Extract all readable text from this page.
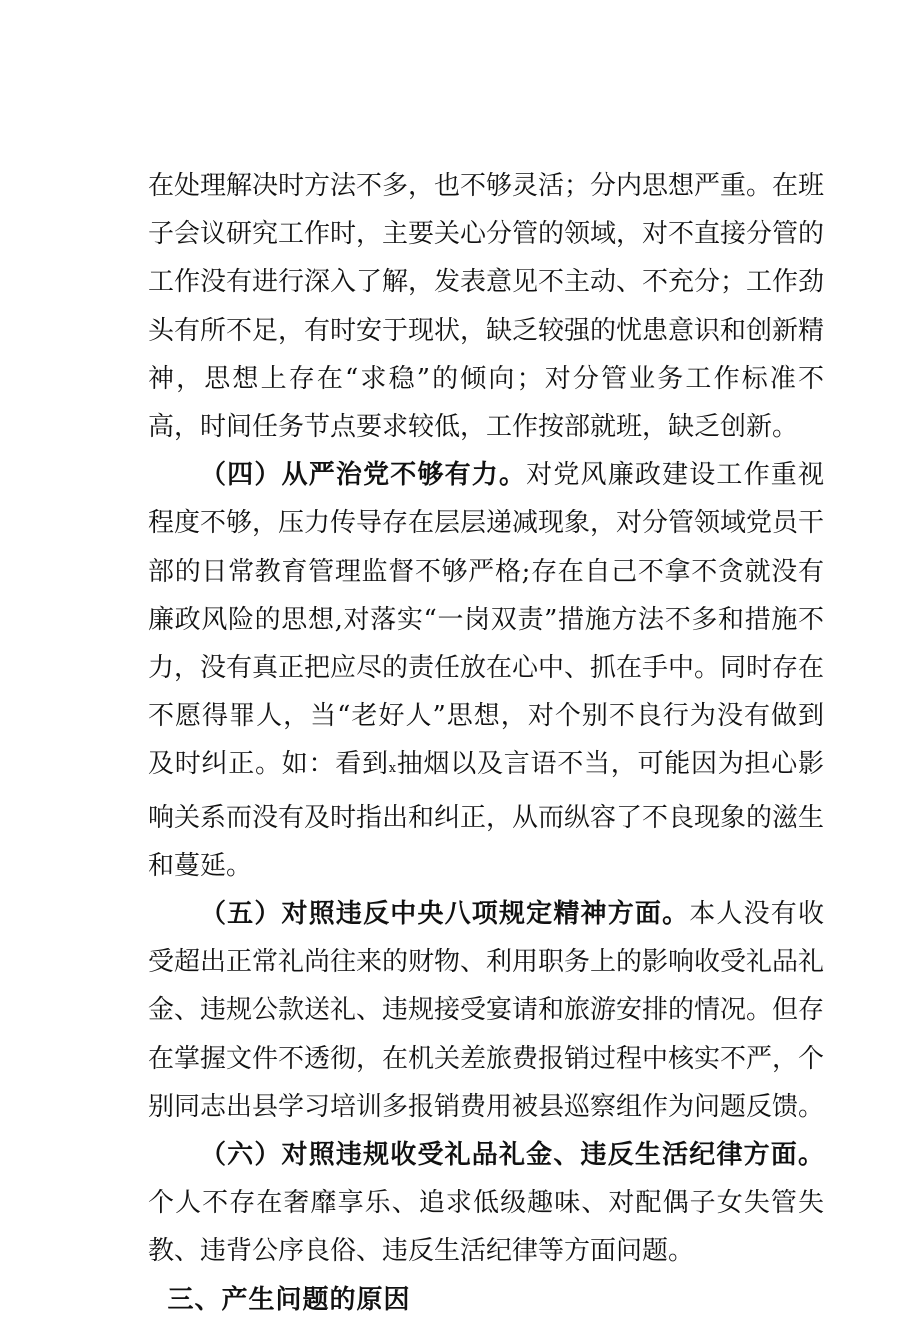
在处理解决时方法不多，也不够灵活；分内思想严重。在班子会议研究工作时，主要关心分管的领域，对不直接分管的工作没有进行深入了解，发表意见不主动、不充分；工作劲头有所不足，有时安于现状，缺乏较强的忧患意识和创新精神，思想上存在“求稳”的倾向；对分管业务工作标准不高，时间任务节点要求较低，工作按部就班，缺乏创新。

（四）从严治党不够有力。对党风廉政建设工作重视程度不够，压力传导存在层层递减现象，对分管领域党员干部的日常教育管理监督不够严格;存在自己不拿不贪就没有廉政风险的思想,对落实“一岗双责”措施方法不多和措施不力，没有真正把应尽的责任放在心中、抓在手中。同时存在不愿得罪人，当“老好人”思想，对个别不良行为没有做到及时纠正。如：看到x抽烟以及言语不当，可能因为担心影响关系而没有及时指出和纠正，从而纵容了不良现象的滋生和蔓延。

（五）对照违反中央八项规定精神方面。本人没有收受超出正常礼尚往来的财物、利用职务上的影响收受礼品礼金、违规公款送礼、违规接受宴请和旅游安排的情况。但存在掌握文件不透彻，在机关差旅费报销过程中核实不严，个别同志出县学习培训多报销费用被县巡察组作为问题反馈。

（六）对照违规收受礼品礼金、违反生活纪律方面。个人不存在奢靡享乐、追求低级趣味、对配偶子女失管失教、违背公序良俗、违反生活纪律等方面问题。

三、产生问题的原因
